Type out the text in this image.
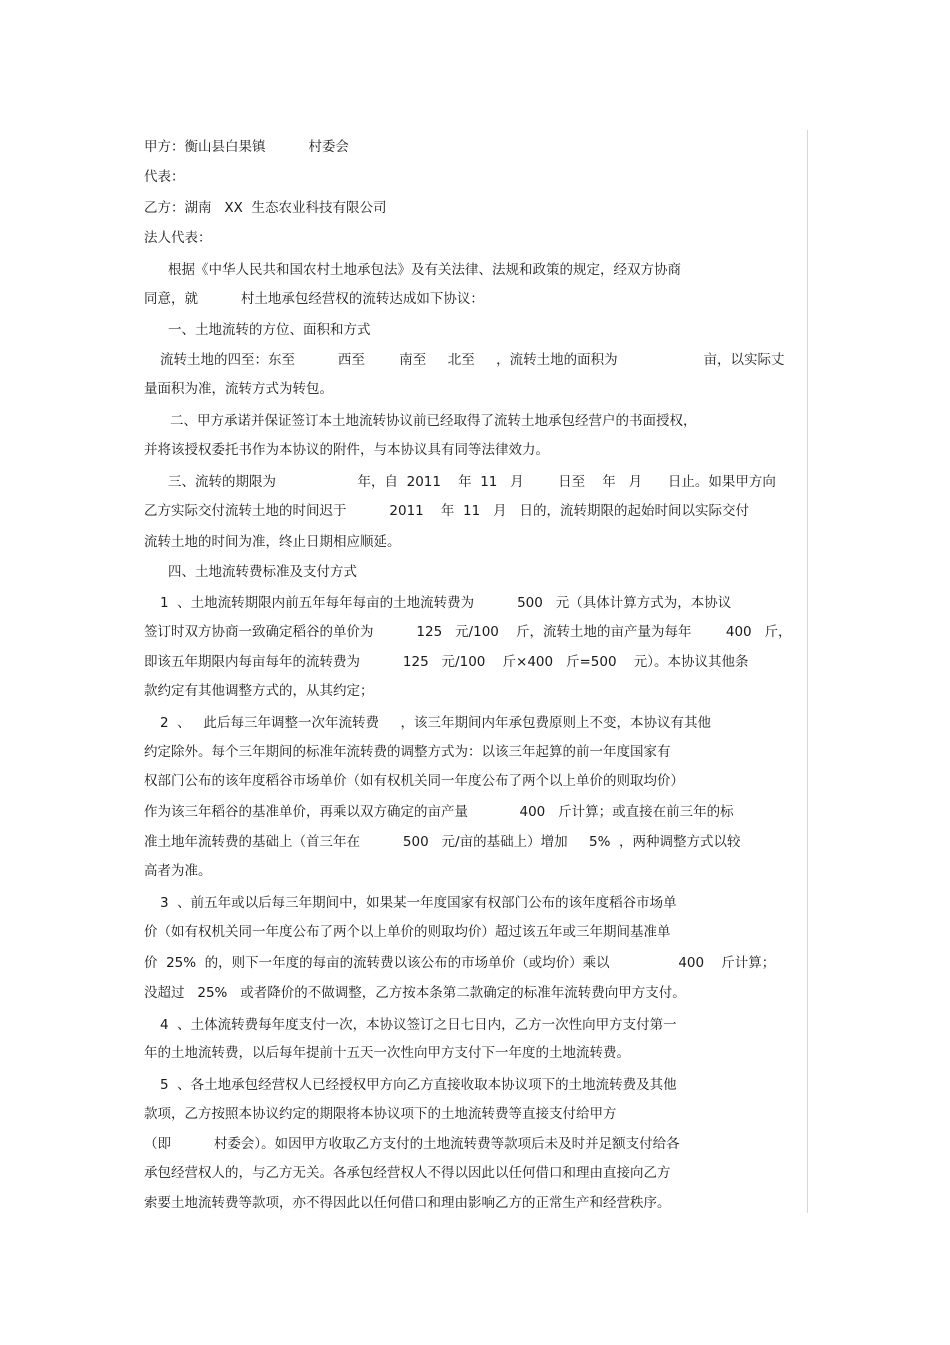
甲方：衡山县白果镇          村委会
代表：
乙方：湖南   XX  生态农业科技有限公司
法人代表：
根据《中华人民共和国农村土地承包法》及有关法律、法规和政策的规定，经双方协商
同意，就          村土地承包经营权的流转达成如下协议：
一、土地流转的方位、面积和方式
流转土地的四至：东至          西至        南至     北至     ，流转土地的面积为                    亩，以实际丈
量面积为准，流转方式为转包。
二、甲方承诺并保证签订本土地流转协议前已经取得了流转土地承包经营户的书面授权，
并将该授权委托书作为本协议的附件，与本协议具有同等法律效力。
三、流转的期限为                   年，自  2011    年  11   月        日至    年   月      日止。如果甲方向
乙方实际交付流转土地的时间迟于          2011    年  11   月   日的，流转期限的起始时间以实际交付
流转土地的时间为准，终止日期相应顺延。
四、土地流转费标准及支付方式
1  、土地流转期限内前五年每年每亩的土地流转费为          500   元（具体计算方式为，本协议
签订时双方协商一致确定稻谷的单价为          125   元/100    斤，流转土地的亩产量为每年        400   斤，
即该五年期限内每亩每年的流转费为          125   元/100    斤×400   斤=500    元）。本协议其他条
款约定有其他调整方式的，从其约定；
2  、   此后每三年调整一次年流转费     ，该三年期间内年承包费原则上不变，本协议有其他
约定除外。每个三年期间的标准年流转费的调整方式为：以该三年起算的前一年度国家有
权部门公布的该年度稻谷市场单价（如有权机关同一年度公布了两个以上单价的则取均价）
作为该三年稻谷的基准单价，再乘以双方确定的亩产量            400   斤计算；或直接在前三年的标
准土地年流转费的基础上（首三年在          500   元/亩的基础上）增加     5%  ，两种调整方式以较
高者为准。
3  、前五年或以后每三年期间中，如果某一年度国家有权部门公布的该年度稻谷市场单
价（如有权机关同一年度公布了两个以上单价的则取均价）超过该五年或三年期间基准单
价  25%  的，则下一年度的每亩的流转费以该公布的市场单价（或均价）乘以                400    斤计算；
没超过   25%   或者降价的不做调整，乙方按本条第二款确定的标准年流转费向甲方支付。
4  、土体流转费每年度支付一次，本协议签订之日七日内，乙方一次性向甲方支付第一
年的土地流转费，以后每年提前十五天一次性向甲方支付下一年度的土地流转费。
5  、各土地承包经营权人已经授权甲方向乙方直接收取本协议项下的土地流转费及其他
款项，乙方按照本协议约定的期限将本协议项下的土地流转费等直接支付给甲方
（即          村委会）。如因甲方收取乙方支付的土地流转费等款项后未及时并足额支付给各
承包经营权人的，与乙方无关。各承包经营权人不得以因此以任何借口和理由直接向乙方
索要土地流转费等款项，亦不得因此以任何借口和理由影响乙方的正常生产和经营秩序。
